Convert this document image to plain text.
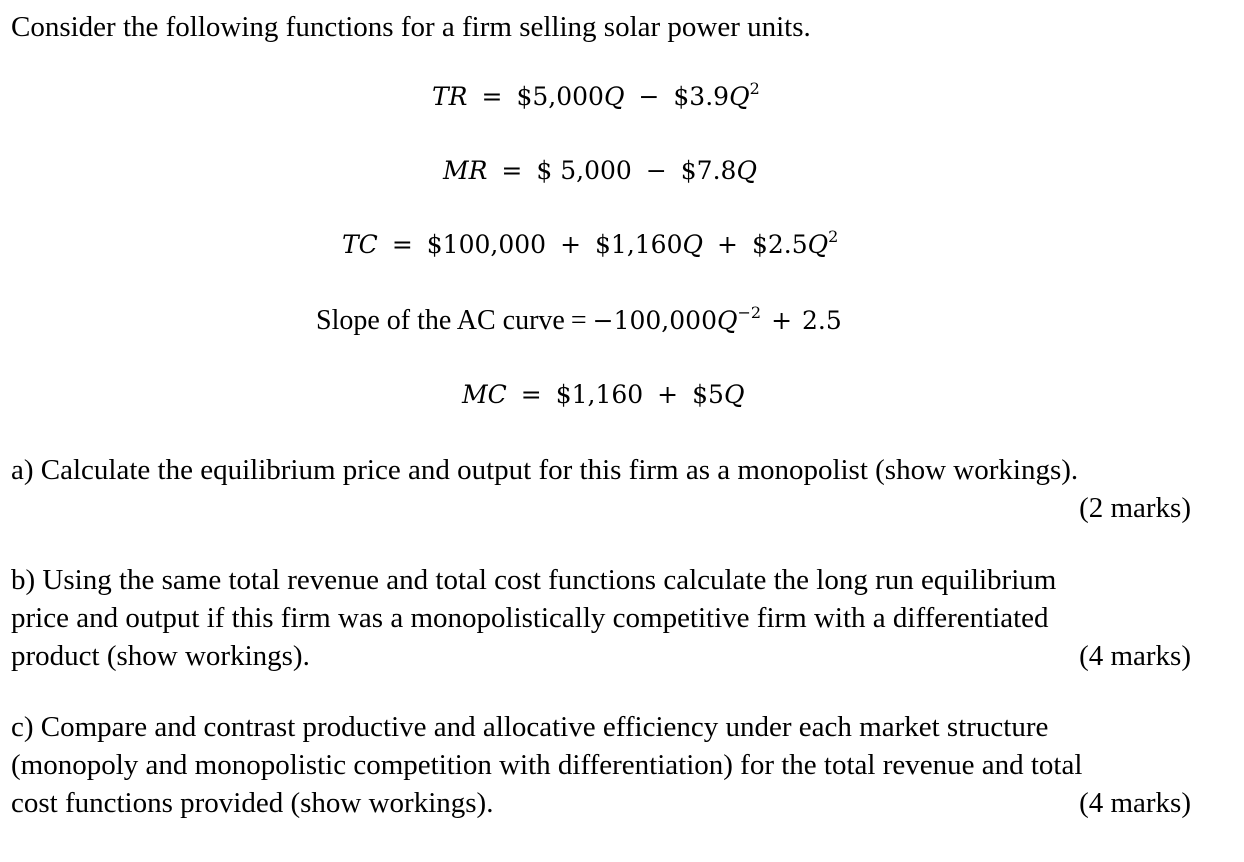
Consider the following functions for a firm selling solar power units.
TR = $5,000Q − $\$3.9Q^2$
MR = $ 5,000 − $7.8Q
TC = $100,000 + $1,160Q + $\$2.5Q^2$
Slope of the AC curve = $-100,000Q^{-2} + 2.5$
MC = $1,160 + $5Q
a) Calculate the equilibrium price and output for this firm as a monopolist (show workings).
(2 marks)
b) Using the same total revenue and total cost functions calculate the long run equilibrium
price and output if this firm was a monopolistically competitive firm with a differentiated
product (show workings).	(4 marks)
c) Compare and contrast productive and allocative efficiency under each market structure
(monopoly and monopolistic competition with differentiation) for the total revenue and total
cost functions provided (show workings).	(4 marks)
